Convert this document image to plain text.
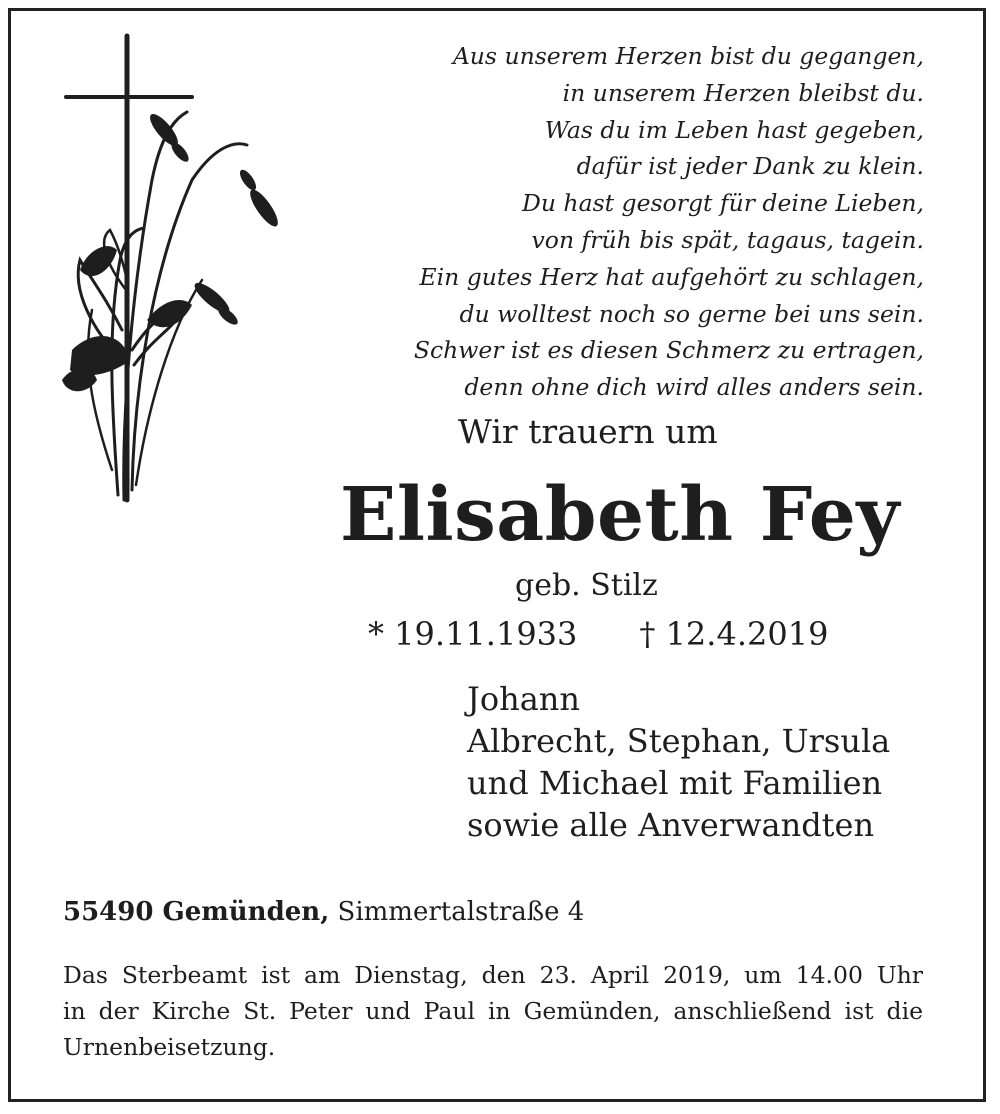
Aus unserem Herzen bist du gegangen,
in unserem Herzen bleibst du.
Was du im Leben hast gegeben,
dafür ist jeder Dank zu klein.
Du hast gesorgt für deine Lieben,
von früh bis spät, tagaus, tagein.
Ein gutes Herz hat aufgehört zu schlagen,
du wolltest noch so gerne bei uns sein.
Schwer ist es diesen Schmerz zu ertragen,
denn ohne dich wird alles anders sein.

Wir trauern um

Elisabeth Fey

geb. Stilz

* 19.11.1933 † 12.4.2019

Johann
Albrecht, Stephan, Ursula
und Michael mit Familien
sowie alle Anverwandten

55490 Gemünden, Simmertalstraße 4

Das Sterbeamt ist am Dienstag, den 23. April 2019, um 14.00 Uhr
in der Kirche St. Peter und Paul in Gemünden, anschließend ist die
Urnenbeisetzung.
